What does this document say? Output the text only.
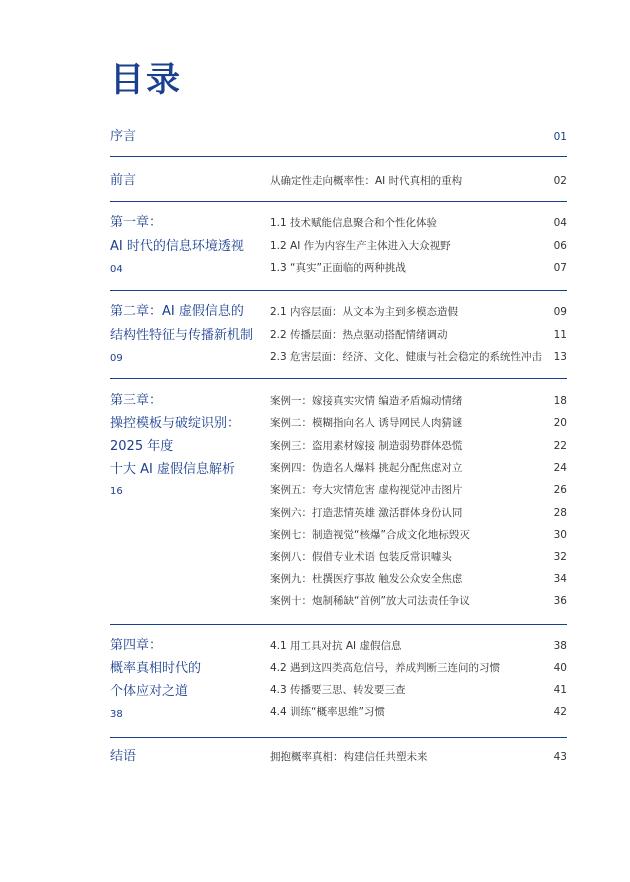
目录
序言	01
前言	从确定性走向概率性：AI 时代真相的重构	02
第一章：
AI 时代的信息环境透视
04
1.1 技术赋能信息聚合和个性化体验	04
1.2 AI 作为内容生产主体进入大众视野	06
1.3 “真实”正面临的两种挑战	07
第二章：AI 虚假信息的
结构性特征与传播新机制
09
2.1 内容层面：从文本为主到多模态造假	09
2.2 传播层面：热点驱动搭配情绪调动	11
2.3 危害层面：经济、文化、健康与社会稳定的系统性冲击 13
第三章：
操控模板与破绽识别：
2025 年度
十大 AI 虚假信息解析
16
案例一：嫁接真实灾情 编造矛盾煽动情绪	18
案例二：模糊指向名人 诱导网民人肉猜谜	20
案例三：盗用素材嫁接 制造弱势群体恐慌	22
案例四：伪造名人爆料 挑起分配焦虑对立	24
案例五：夸大灾情危害 虚构视觉冲击图片	26
案例六：打造悲情英雄 激活群体身份认同	28
案例七：制造视觉“核爆”合成文化地标毁灭	30
案例八：假借专业术语 包装反常识噱头	32
案例九：杜撰医疗事故 触发公众安全焦虑	34
案例十：炮制稀缺“首例”放大司法责任争议	36
第四章：
概率真相时代的
个体应对之道
38
4.1 用工具对抗 AI 虚假信息	38
4.2 遇到这四类高危信号，养成判断三连问的习惯	40
4.3 传播要三思、转发要三查	41
4.4 训练“概率思维”习惯	42
结语	拥抱概率真相：构建信任共塑未来	43
